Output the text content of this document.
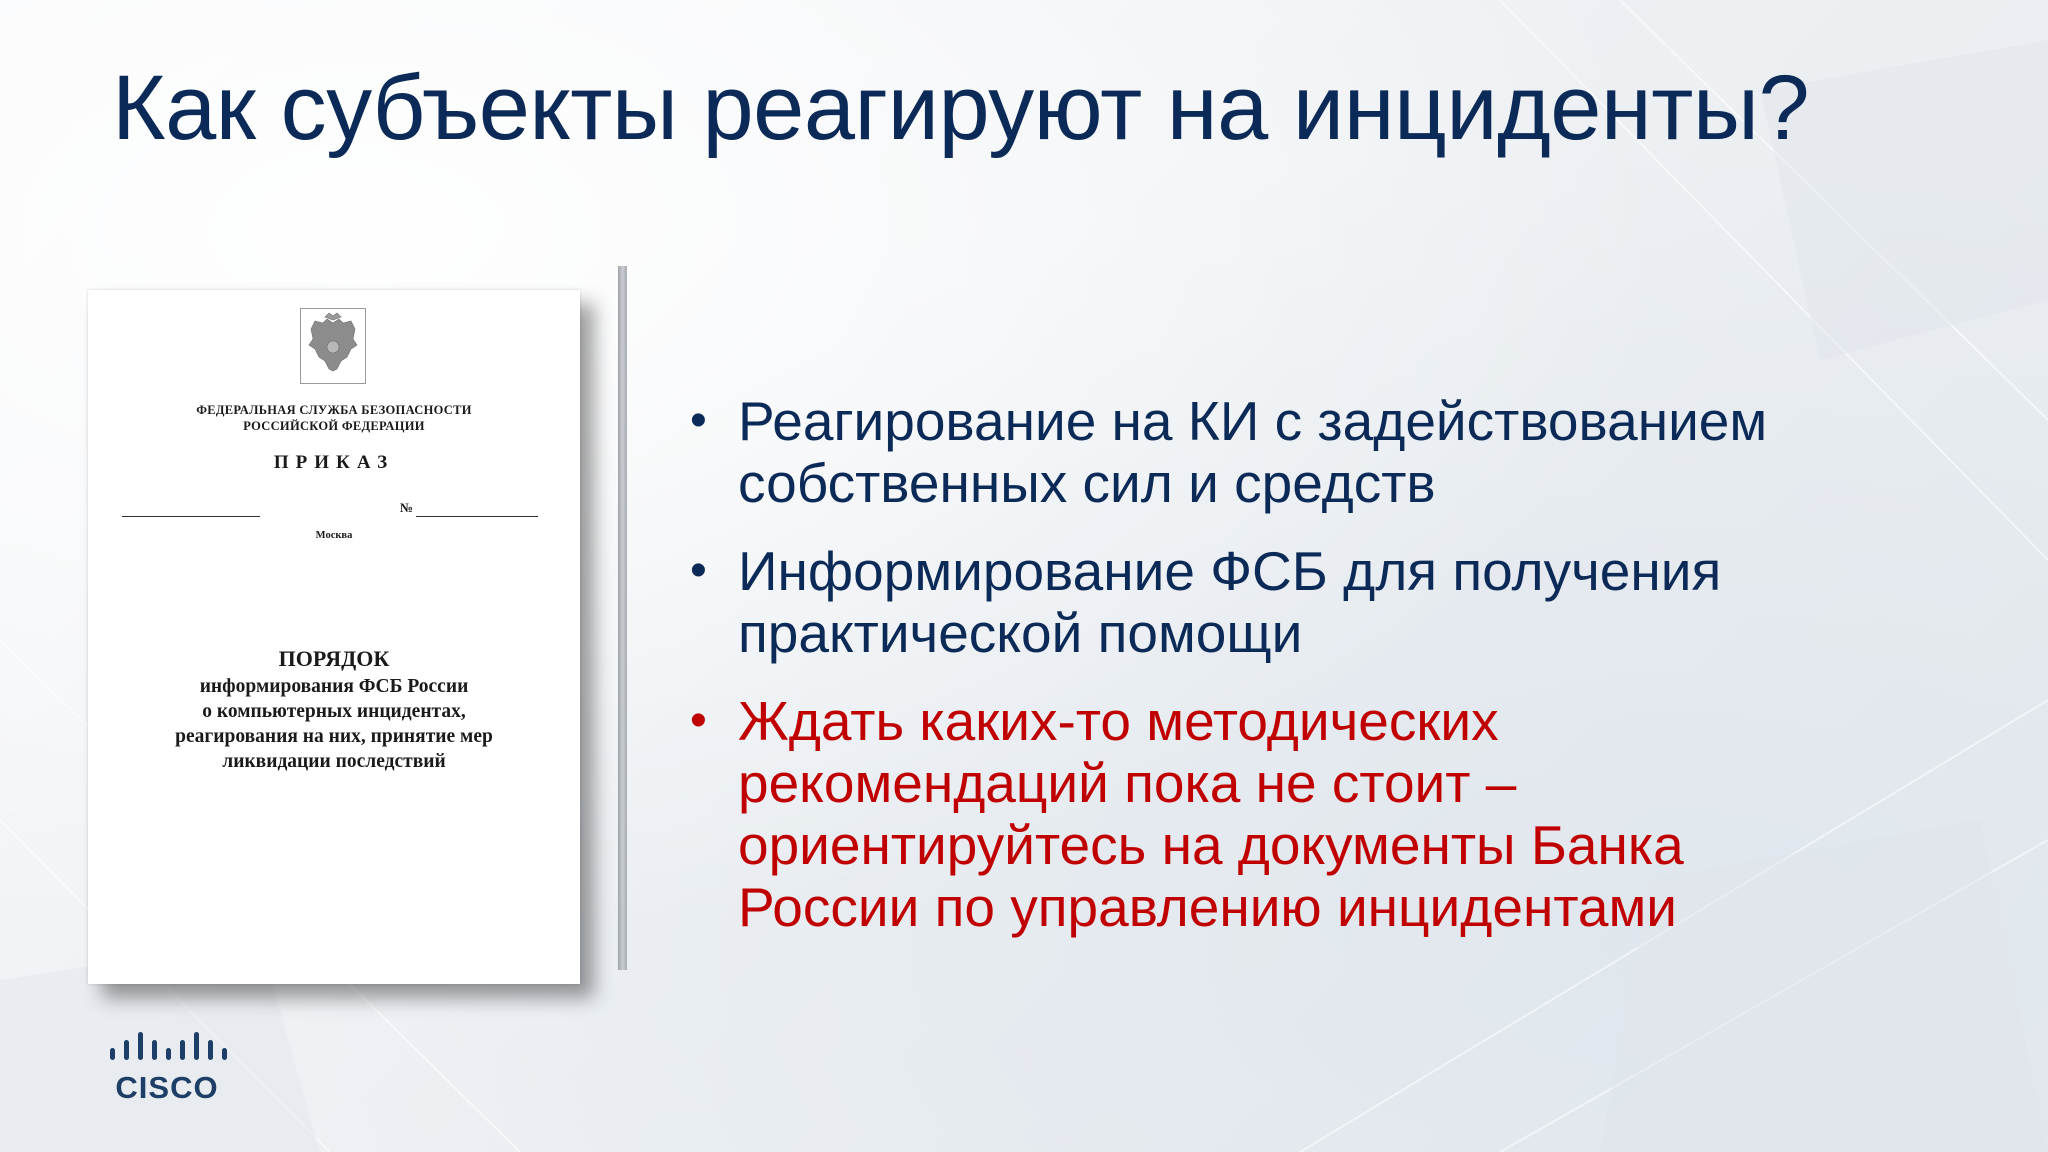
Как субъекты реагируют на инциденты?

ФЕДЕРАЛЬНАЯ СЛУЖБА БЕЗОПАСНОСТИ
РОССИЙСКОЙ ФЕДЕРАЦИИ

ПРИКАЗ

№
Москва

ПОРЯДОК

информирования ФСБ России
о компьютерных инцидентах,
реагирования на них, принятие мер
ликвидации последствий

• Реагирование на КИ с задействованием
собственных сил и средств
• Информирование ФСБ для получения
практической помощи
• Ждать каких-то методических
рекомендаций пока не стоит –
ориентируйтесь на документы Банка
России по управлению инцидентами
CISCO
